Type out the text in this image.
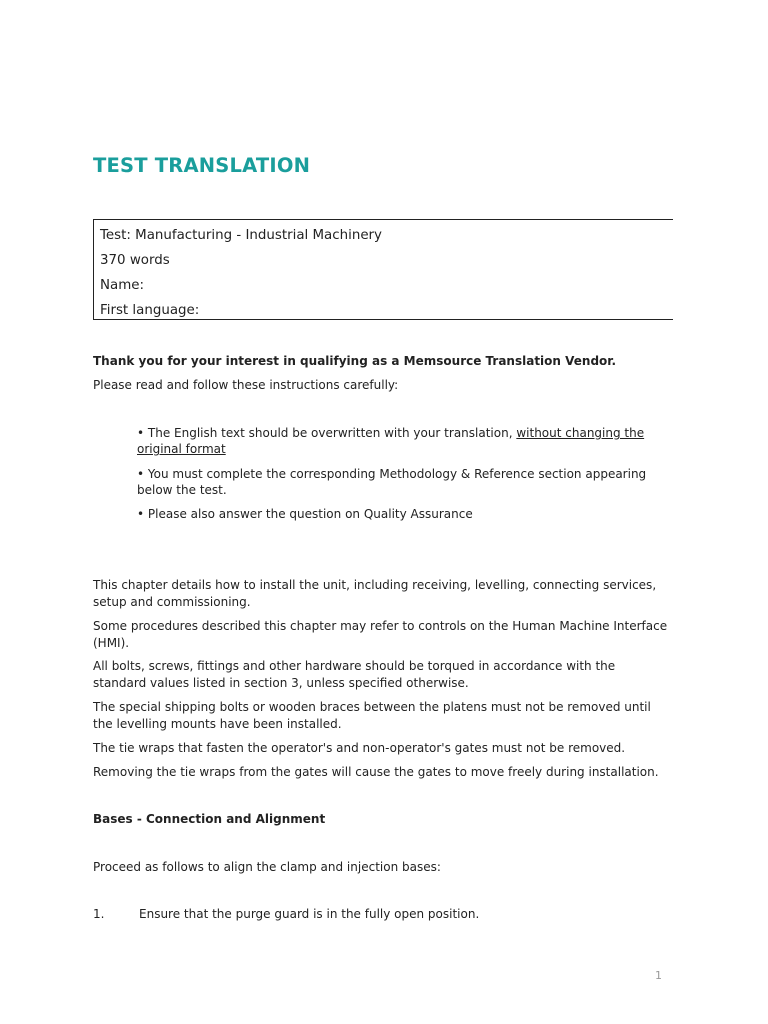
TEST TRANSLATION
Test: Manufacturing - Industrial Machinery
370 words
Name:
First language:
Thank you for your interest in qualifying as a Memsource Translation Vendor.
Please read and follow these instructions carefully:
• The English text should be overwritten with your translation, without changing the
original format
• You must complete the corresponding Methodology & Reference section appearing
below the test.
• Please also answer the question on Quality Assurance
This chapter details how to install the unit, including receiving, levelling, connecting services,
setup and commissioning.
Some procedures described this chapter may refer to controls on the Human Machine Interface
(HMI).
All bolts, screws, fittings and other hardware should be torqued in accordance with the
standard values listed in section 3, unless specified otherwise.
The special shipping bolts or wooden braces between the platens must not be removed until
the levelling mounts have been installed.
The tie wraps that fasten the operator's and non-operator's gates must not be removed.
Removing the tie wraps from the gates will cause the gates to move freely during installation.
Bases - Connection and Alignment
Proceed as follows to align the clamp and injection bases:
1.	Ensure that the purge guard is in the fully open position.
1
